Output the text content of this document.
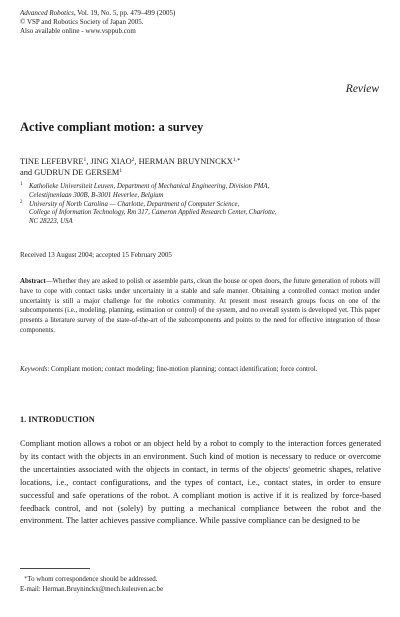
Advanced Robotics, Vol. 19, No. 5, pp. 479–499 (2005)
© VSP and Robotics Society of Japan 2005.
Also available online - www.vsppub.com
Review
Active compliant motion: a survey
TINE LEFEBVRE$^1$, JING XIAO$^2$, HERMAN $BRUYNINCKX^{1,∗}$
and GUDRUN DE GERSEM$^1$
1 Katholieke Universiteit Leuven, Department of Mechanical Engineering, Division PMA,
Celestijnenlaan 300B, B-3001 Heverlee, Belgium
2 University of North Carolina — Charlotte, Department of Computer Science,
College of Information Technology, Rm 317, Cameron Applied Research Center, Charlotte,
NC 28223, USA
Received 13 August 2004; accepted 15 February 2005
Abstract—Whether they are asked to polish or assemble parts, clean the house or open doors, the future generation of robots will have to cope with contact tasks under uncertainty in a stable and safe manner. Obtaining a controlled contact motion under uncertainty is still a major challenge for the robotics community. At present most research groups focus on one of the subcomponents (i.e., modeling, planning, estimation or control) of the system, and no overall system is developed yet. This paper presents a literature survey of the state-of-the-art of the subcomponents and points to the need for effective integration of those components.
Keywords: Compliant motion; contact modeling; fine-motion planning; contact identification; force control.
1. INTRODUCTION
Compliant motion allows a robot or an object held by a robot to comply to the interaction forces generated by its contact with the objects in an environment. Such kind of motion is necessary to reduce or overcome the uncertainties associated with the objects in contact, in terms of the objects' geometric shapes, relative locations, i.e., contact configurations, and the types of contact, i.e., contact states, in order to ensure successful and safe operations of the robot. A compliant motion is active if it is realized by force-based feedback control, and not (solely) by putting a mechanical compliance between the robot and the environment. The latter achieves passive compliance. While passive compliance can be designed to be
∗To whom correspondence should be addressed.
E-mail: Herman.Bruyninckx@mech.kuleuven.ac.be
